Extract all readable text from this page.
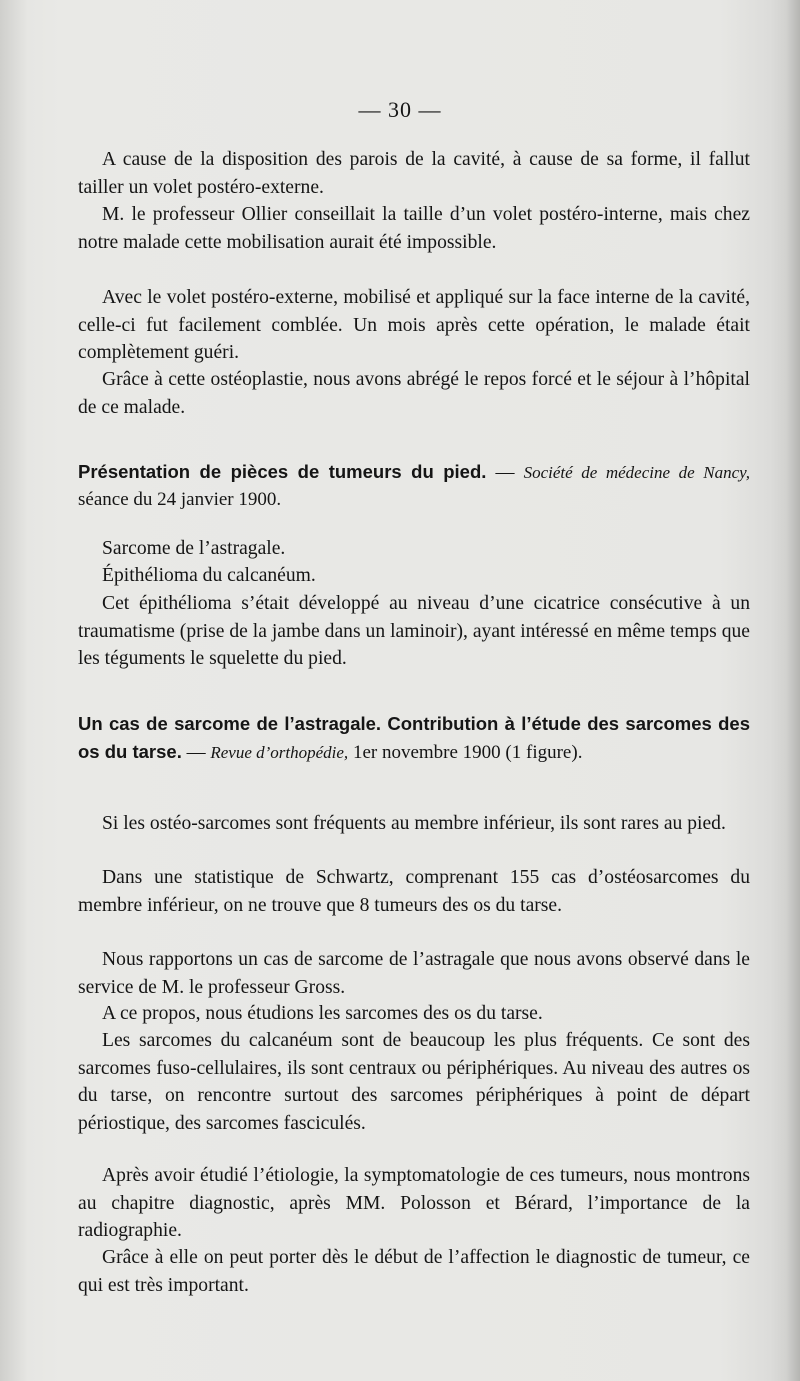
— 30 —

A cause de la disposition des parois de la cavité, à cause de sa forme, il fallut tailler un volet postéro-externe.

M. le professeur Ollier conseillait la taille d’un volet postéro-interne, mais chez notre malade cette mobilisation aurait été impossible.

Avec le volet postéro-externe, mobilisé et appliqué sur la face interne de la cavité, celle-ci fut facilement comblée. Un mois après cette opération, le malade était complètement guéri.

Grâce à cette ostéoplastie, nous avons abrégé le repos forcé et le séjour à l’hôpital de ce malade.

Présentation de pièces de tumeurs du pied. — Société de médecine de Nancy, séance du 24 janvier 1900.

Sarcome de l’astragale.

Épithélioma du calcanéum.

Cet épithélioma s’était développé au niveau d’une cicatrice consécutive à un traumatisme (prise de la jambe dans un laminoir), ayant intéressé en même temps que les téguments le squelette du pied.

Un cas de sarcome de l’astragale. Contribution à l’étude des sarcomes des os du tarse. — Revue d’orthopédie, 1er novembre 1900 (1 figure).

Si les ostéo-sarcomes sont fréquents au membre inférieur, ils sont rares au pied.

Dans une statistique de Schwartz, comprenant 155 cas d’ostéosarcomes du membre inférieur, on ne trouve que 8 tumeurs des os du tarse.

Nous rapportons un cas de sarcome de l’astragale que nous avons observé dans le service de M. le professeur Gross.

A ce propos, nous étudions les sarcomes des os du tarse.

Les sarcomes du calcanéum sont de beaucoup les plus fréquents. Ce sont des sarcomes fuso-cellulaires, ils sont centraux ou périphériques. Au niveau des autres os du tarse, on rencontre surtout des sarcomes périphériques à point de départ périostique, des sarcomes fasciculés.

Après avoir étudié l’étiologie, la symptomatologie de ces tumeurs, nous montrons au chapitre diagnostic, après MM. Polosson et Bérard, l’importance de la radiographie.

Grâce à elle on peut porter dès le début de l’affection le diagnostic de tumeur, ce qui est très important.
